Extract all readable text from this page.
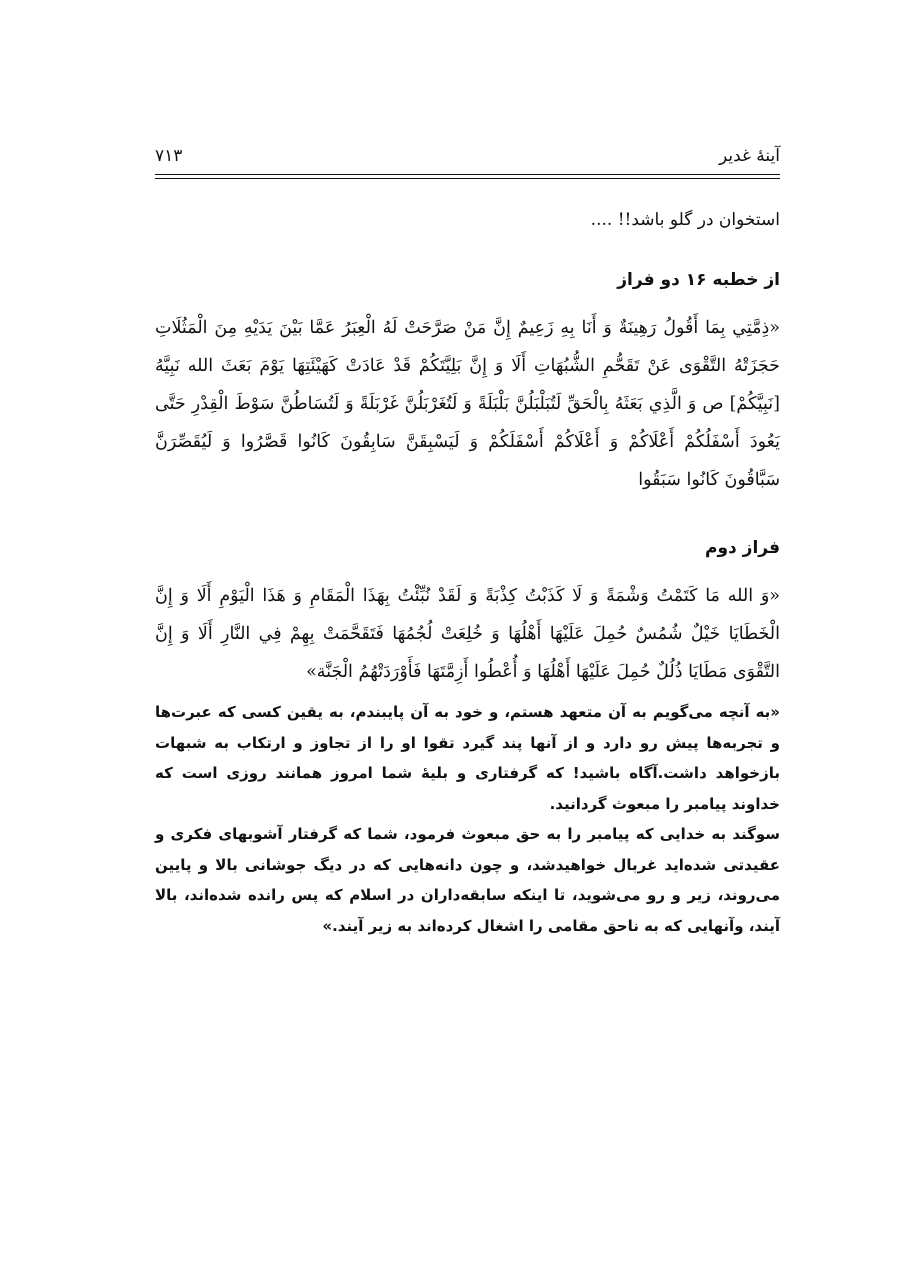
آینهٔ غدیر
۷۱۳

استخوان در گلو باشد!! ....

از خطبه ۱۶ دو فراز

«ذِمَّتِي بِمَا أَقُولُ رَهِينَةٌ وَ أَنَا بِهِ زَعِيمٌ إِنَّ مَنْ صَرَّحَتْ لَهُ الْعِبَرُ عَمَّا بَيْنَ يَدَيْهِ مِنَ الْمَثُلَاتِ حَجَزَتْهُ التَّقْوَى عَنْ تَقَحُّمِ الشُّبُهَاتِ أَلَا وَ إِنَّ بَلِيَّتَكُمْ قَدْ عَادَتْ كَهَيْئَتِهَا يَوْمَ بَعَثَ الله نَبِيَّهُ [نَبِيَّكُمْ] ص وَ الَّذِي بَعَثَهُ بِالْحَقِّ لَتُبَلْبَلُنَّ بَلْبَلَةً وَ لَتُغَرْبَلُنَّ غَرْبَلَةً وَ لَتُسَاطُنَّ سَوْطَ الْقِدْرِ حَتَّى يَعُودَ أَسْفَلُكُمْ أَعْلَاكُمْ وَ أَعْلَاكُمْ أَسْفَلَكُمْ وَ لَيَسْبِقَنَّ سَابِقُونَ كَانُوا قَصَّرُوا وَ لَيُقَصِّرَنَّ سَبَّاقُونَ كَانُوا سَبَقُوا

فراز دوم

«وَ الله مَا كَتَمْتُ وَشْمَةً وَ لَا كَذَبْتُ كِذْبَةً وَ لَقَدْ نُبِّئْتُ بِهَذَا الْمَقَامِ وَ هَذَا الْيَوْمِ أَلَا وَ إِنَّ الْخَطَايَا خَيْلٌ شُمُسٌ حُمِلَ عَلَيْهَا أَهْلُهَا وَ خُلِعَتْ لُجُمُهَا فَتَقَحَّمَتْ بِهِمْ فِي النَّارِ أَلَا وَ إِنَّ التَّقْوَى مَطَايَا ذُلُلٌ حُمِلَ عَلَيْهَا أَهْلُهَا وَ أُعْطُوا أَزِمَّتَهَا فَأَوْرَدَتْهُمُ الْجَنَّة»

«به آنچه می‌گویم به آن متعهد هستم، و خود به آن پایبندم، به یقین کسی که عبرت‌ها و تجربه‌ها پیش رو دارد و از آنها پند گیرد تقوا او را از تجاوز و ارتکاب به شبهات بازخواهد داشت.آگاه باشید! که گرفتاری و بلیهٔ شما امروز همانند روزی است که خداوند پیامبر را مبعوث گردانید.

سوگند به خدایی که پیامبر را به حق مبعوث فرمود، شما که گرفتار آشوبهای فکری و عقیدتی شده‌اید غربال خواهیدشد، و چون دانه‌هایی که در دیگ جوشانی بالا و پایین می‌روند، زیر و رو می‌شوید، تا اینکه سابقه‌داران در اسلام که پس رانده شده‌اند، بالا آیند، وآنهایی که به ناحق مقامی را اشغال کرده‌اند به زیر آیند.»
